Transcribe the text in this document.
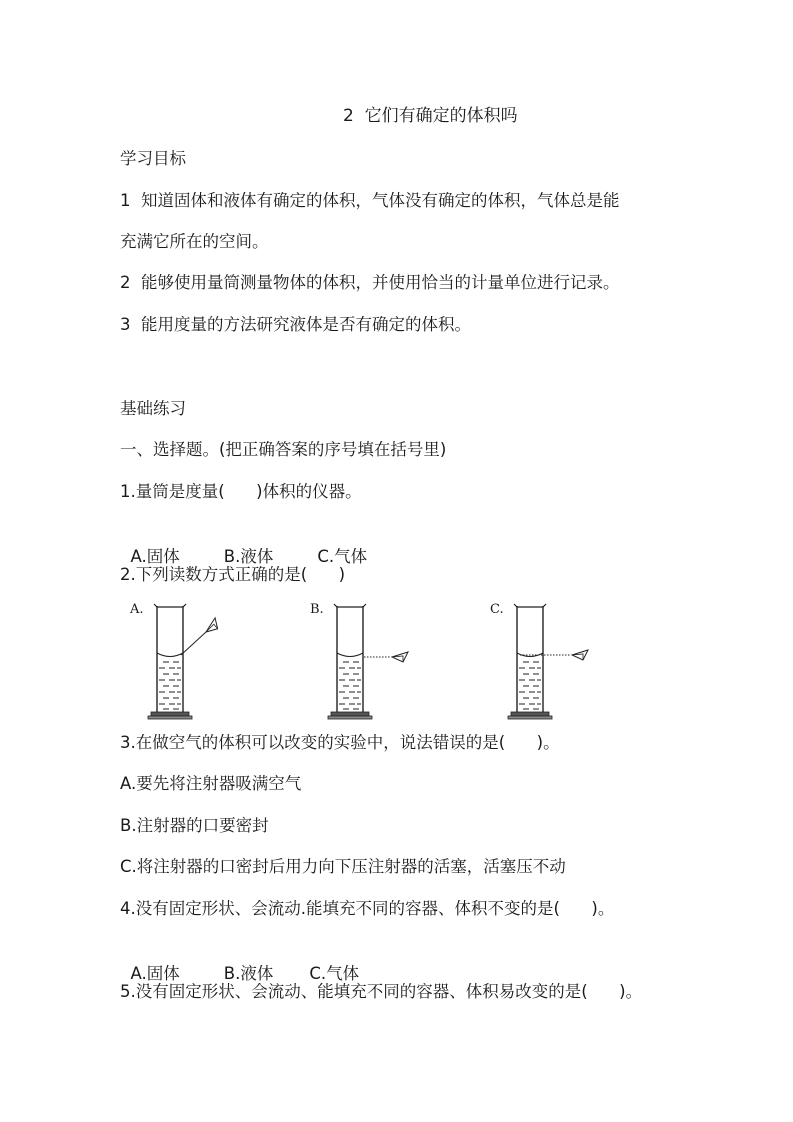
2  它们有确定的体积吗
学习目标
1  知道固体和液体有确定的体积，气体没有确定的体积，气体总是能
充满它所在的空间。
2  能够使用量筒测量物体的体积，并使用恰当的计量单位进行记录。
3  能用度量的方法研究液体是否有确定的体积。
基础练习
一、选择题。(把正确答案的序号填在括号里)
1.量筒是度量(      )体积的仪器。

A.固体	B.液体	C.气体

2.下列读数方式正确的是(      )
A.	B.	C.
3.在做空气的体积可以改变的实验中，说法错误的是(      )。
A.要先将注射器吸满空气
B.注射器的口要密封
C.将注射器的口密封后用力向下压注射器的活塞，活塞压不动
4.没有固定形状、会流动.能填充不同的容器、体积不变的是(      )。

A.固体	B.液体 C.气体

5.没有固定形状、会流动、能填充不同的容器、体积易改变的是(      )。
